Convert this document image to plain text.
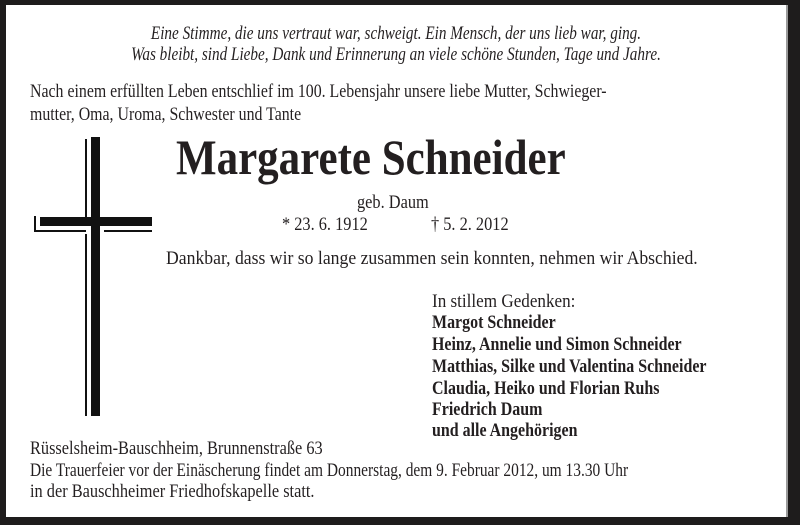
Eine Stimme, die uns vertraut war, schweigt. Ein Mensch, der uns lieb war, ging.
Was bleibt, sind Liebe, Dank und Erinnerung an viele schöne Stunden, Tage und Jahre.
Nach einem erfüllten Leben entschlief im 100. Lebensjahr unsere liebe Mutter, Schwieger-
mutter, Oma, Uroma, Schwester und Tante
Margarete Schneider
geb. Daum
* 23. 6. 1912	† 5. 2. 2012
Dankbar, dass wir so lange zusammen sein konnten, nehmen wir Abschied.
In stillem Gedenken:
Margot Schneider
Heinz, Annelie und Simon Schneider
Matthias, Silke und Valentina Schneider
Claudia, Heiko und Florian Ruhs
Friedrich Daum
und alle Angehörigen
Rüsselsheim-Bauschheim, Brunnenstraße 63
Die Trauerfeier vor der Einäscherung findet am Donnerstag, dem 9. Februar 2012, um 13.30 Uhr
in der Bauschheimer Friedhofskapelle statt.
